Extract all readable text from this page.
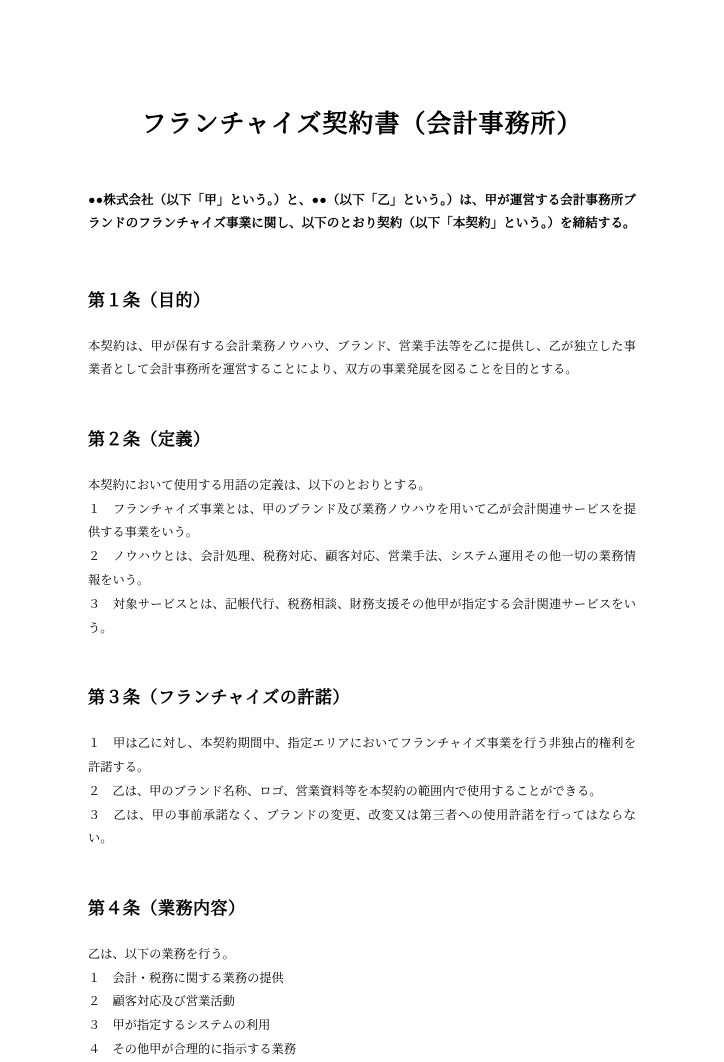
フランチャイズ契約書（会計事務所）
●●株式会社（以下「甲」という。）と、●●（以下「乙」という。）は、甲が運営する会計事務所ブランドのフランチャイズ事業に関し、以下のとおり契約（以下「本契約」という。）を締結する。
第１条（目的）

本契約は、甲が保有する会計業務ノウハウ、ブランド、営業手法等を乙に提供し、乙が独立した事業者として会計事務所を運営することにより、双方の事業発展を図ることを目的とする。

第２条（定義）

本契約において使用する用語の定義は、以下のとおりとする。

１　フランチャイズ事業とは、甲のブランド及び業務ノウハウを用いて乙が会計関連サービスを提供する事業をいう。

２　ノウハウとは、会計処理、税務対応、顧客対応、営業手法、システム運用その他一切の業務情報をいう。

３　対象サービスとは、記帳代行、税務相談、財務支援その他甲が指定する会計関連サービスをいう。

第３条（フランチャイズの許諾）

１　甲は乙に対し、本契約期間中、指定エリアにおいてフランチャイズ事業を行う非独占的権利を許諾する。

２　乙は、甲のブランド名称、ロゴ、営業資料等を本契約の範囲内で使用することができる。

３　乙は、甲の事前承諾なく、ブランドの変更、改変又は第三者への使用許諾を行ってはならない。

第４条（業務内容）

乙は、以下の業務を行う。

１　会計・税務に関する業務の提供

２　顧客対応及び営業活動

３　甲が指定するシステムの利用

４　その他甲が合理的に指示する業務
